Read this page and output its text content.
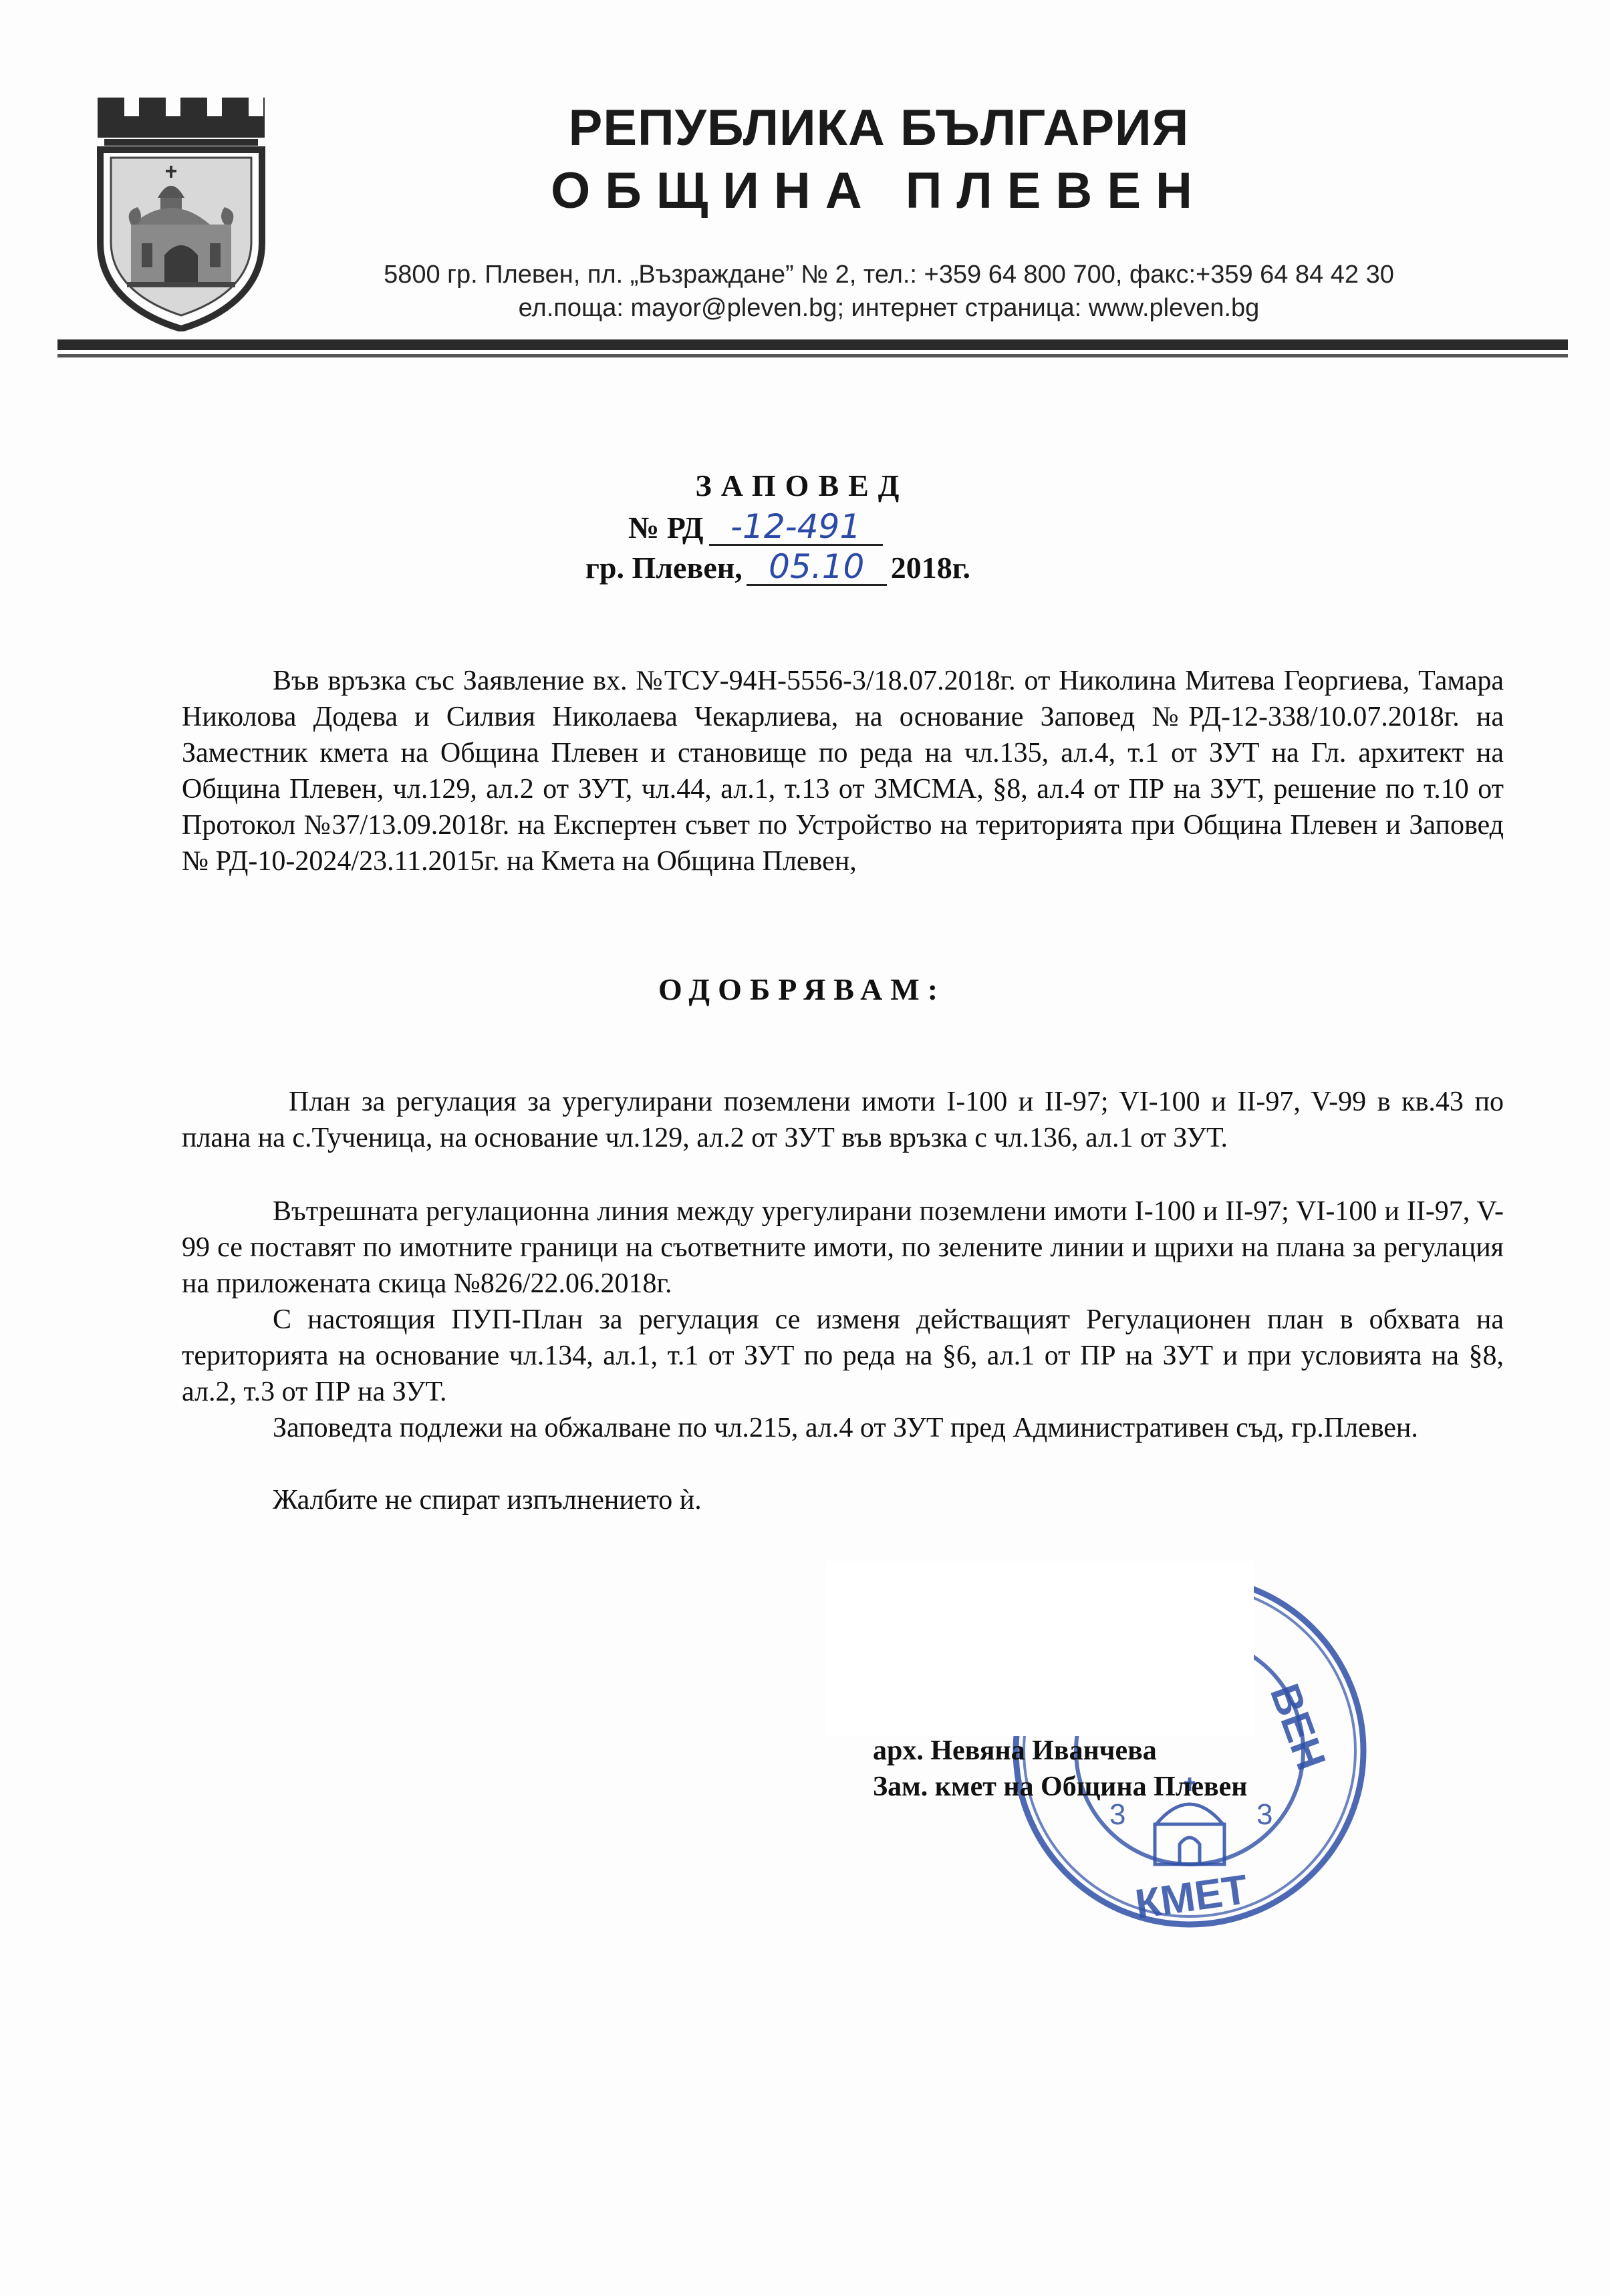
РЕПУБЛИКА БЪЛГАРИЯ
ОБЩИНА ПЛЕВЕН
5800 гр. Плевен, пл. „Възраждане” № 2, тел.: +359 64 800 700, факс:+359 64 84 42 30
ел.поща: mayor@pleven.bg; интернет страница: www.pleven.bg
ЗАПОВЕД
№ РД -12-491
гр. Плевен, 05.10 2018г.
Във връзка със Заявление вх. №ТСУ-94Н-5556-3/18.07.2018г. от Николина Митева Георгиева, Тамара Николова Додева и Силвия Николаева Чекарлиева, на основание Заповед №РД-12-338/10.07.2018г. на Заместник кмета на Община Плевен и становище по реда на чл.135, ал.4, т.1 от ЗУТ на Гл. архитект на Община Плевен, чл.129, ал.2 от ЗУТ, чл.44, ал.1, т.13 от ЗМСМА, §8, ал.4 от ПР на ЗУТ, решение по т.10 от Протокол №37/13.09.2018г. на Експертен съвет по Устройство на територията при Община Плевен и Заповед № РД-10-2024/23.11.2015г. на Кмета на Община Плевен,
ОДОБРЯВАМ:
План за регулация за урегулирани поземлени имоти I-100 и II-97; VI-100 и II-97, V-99 в кв.43 по плана на с.Тученица, на основание чл.129, ал.2 от ЗУТ във връзка с чл.136, ал.1 от ЗУТ.
Вътрешната регулационна линия между урегулирани поземлени имоти I-100 и II-97; VI-100 и II-97, V-99 се поставят по имотните граници на съответните имоти, по зелените линии и щрихи на плана за регулация на приложената скица №826/22.06.2018г.
С настоящия ПУП-План за регулация се изменя действащият Регулационен план в обхвата на територията на основание чл.134, ал.1, т.1 от ЗУТ по реда на §6, ал.1 от ПР на ЗУТ и при условията на §8, ал.2, т.3 от ПР на ЗУТ.
Заповедта подлежи на обжалване по чл.215, ал.4 от ЗУТ пред Административен съд, гр.Плевен.
Жалбите не спират изпълнението ѝ.
ВЕН
КМЕТ
3	3
арх. Невяна Иванчева
Зам. кмет на Община Плевен
